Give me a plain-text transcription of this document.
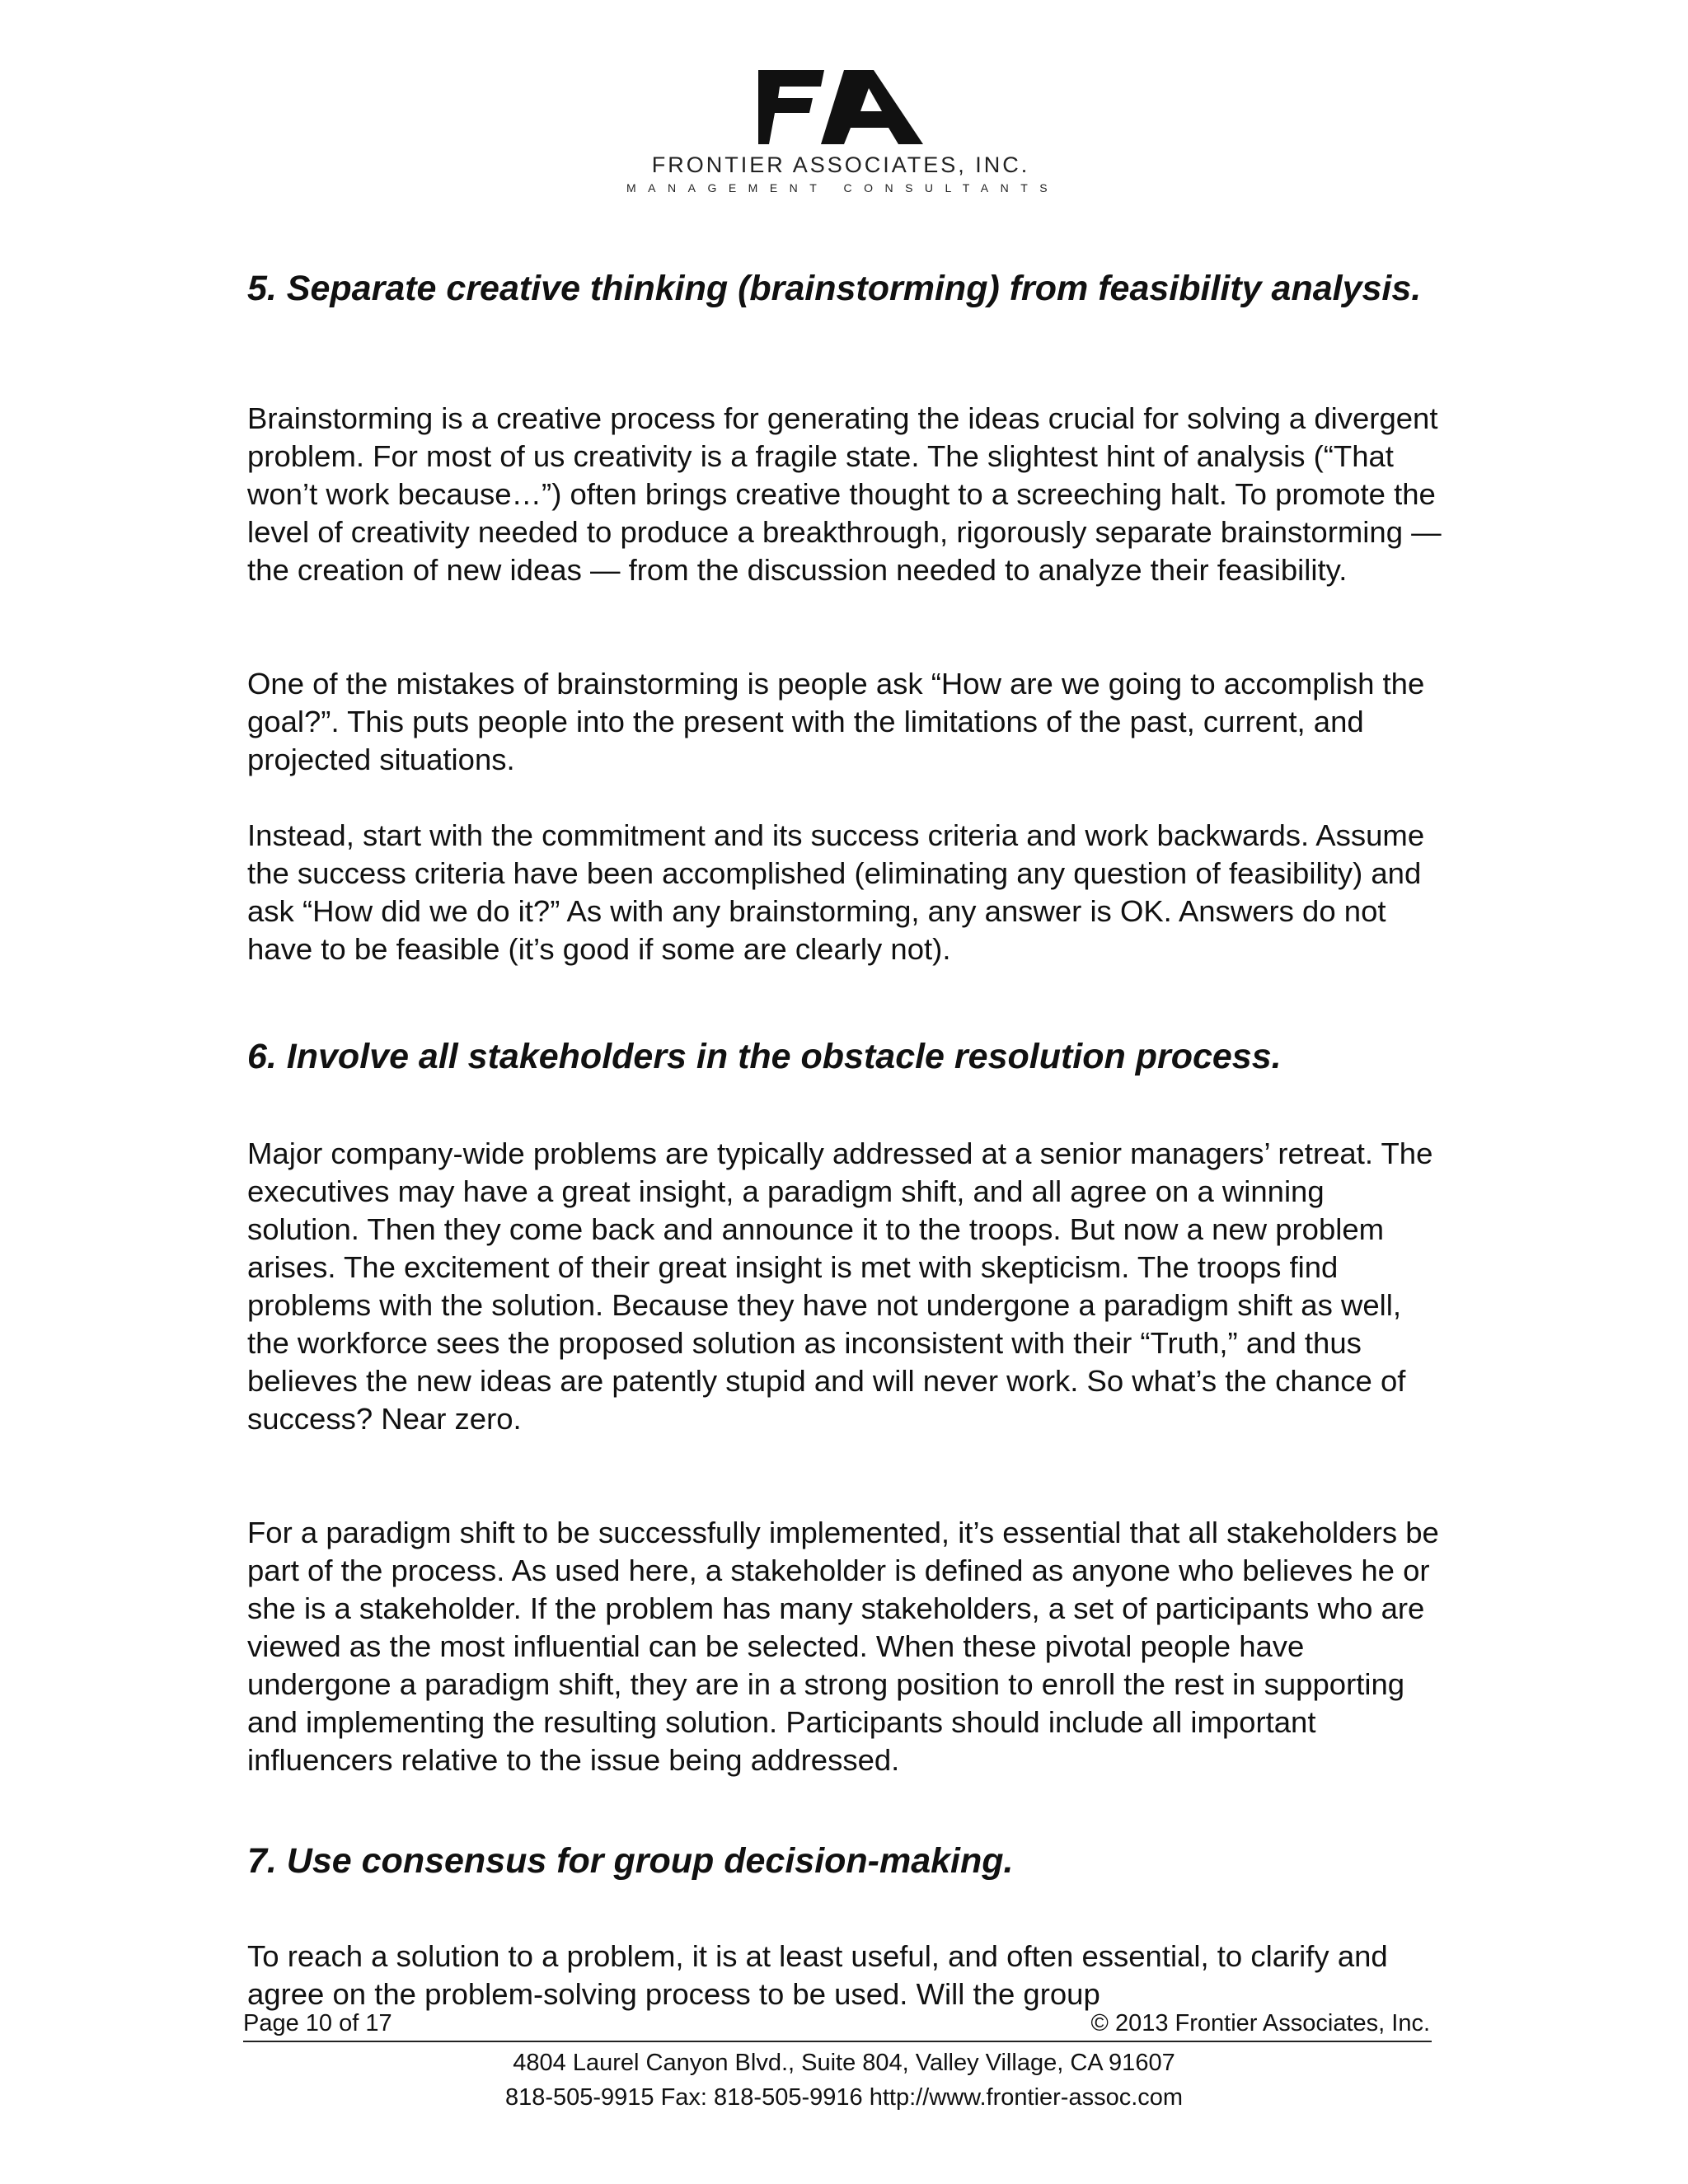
FRONTIER ASSOCIATES, INC.
MANAGEMENT CONSULTANTS
5. Separate creative thinking (brainstorming) from feasibility analysis.

Brainstorming is a creative process for generating the ideas crucial for solving a divergent problem. For most of us creativity is a fragile state. The slightest hint of analysis (“That won’t work because…”) often brings creative thought to a screeching halt. To promote the level of creativity needed to produce a breakthrough, rigorously separate brainstorming — the creation of new ideas — from the discussion needed to analyze their feasibility.

One of the mistakes of brainstorming is people ask “How are we going to accomplish the goal?”. This puts people into the present with the limitations of the past, current, and projected situations.

Instead, start with the commitment and its success criteria and work backwards. Assume the success criteria have been accomplished (eliminating any question of feasibility) and ask “How did we do it?” As with any brainstorming, any answer is OK. Answers do not have to be feasible (it’s good if some are clearly not).

6. Involve all stakeholders in the obstacle resolution process.

Major company-wide problems are typically addressed at a senior managers’ retreat. The executives may have a great insight, a paradigm shift, and all agree on a winning solution. Then they come back and announce it to the troops. But now a new problem arises. The excitement of their great insight is met with skepticism. The troops find problems with the solution. Because they have not undergone a paradigm shift as well, the workforce sees the proposed solution as inconsistent with their “Truth,” and thus believes the new ideas are patently stupid and will never work. So what’s the chance of success? Near zero.

For a paradigm shift to be successfully implemented, it’s essential that all stakeholders be part of the process. As used here, a stakeholder is defined as anyone who believes he or she is a stakeholder. If the problem has many stakeholders, a set of participants who are viewed as the most influential can be selected. When these pivotal people have undergone a paradigm shift, they are in a strong position to enroll the rest in supporting and implementing the resulting solution. Participants should include all important influencers relative to the issue being addressed.

7. Use consensus for group decision-making.

To reach a solution to a problem, it is at least useful, and often essential, to clarify and agree on the problem-solving process to be used. Will the group

Page 10 of 17	© 2013 Frontier Associates, Inc.
4804 Laurel Canyon Blvd., Suite 804, Valley Village, CA 91607
818-505-9915 Fax: 818-505-9916 http://www.frontier-assoc.com
